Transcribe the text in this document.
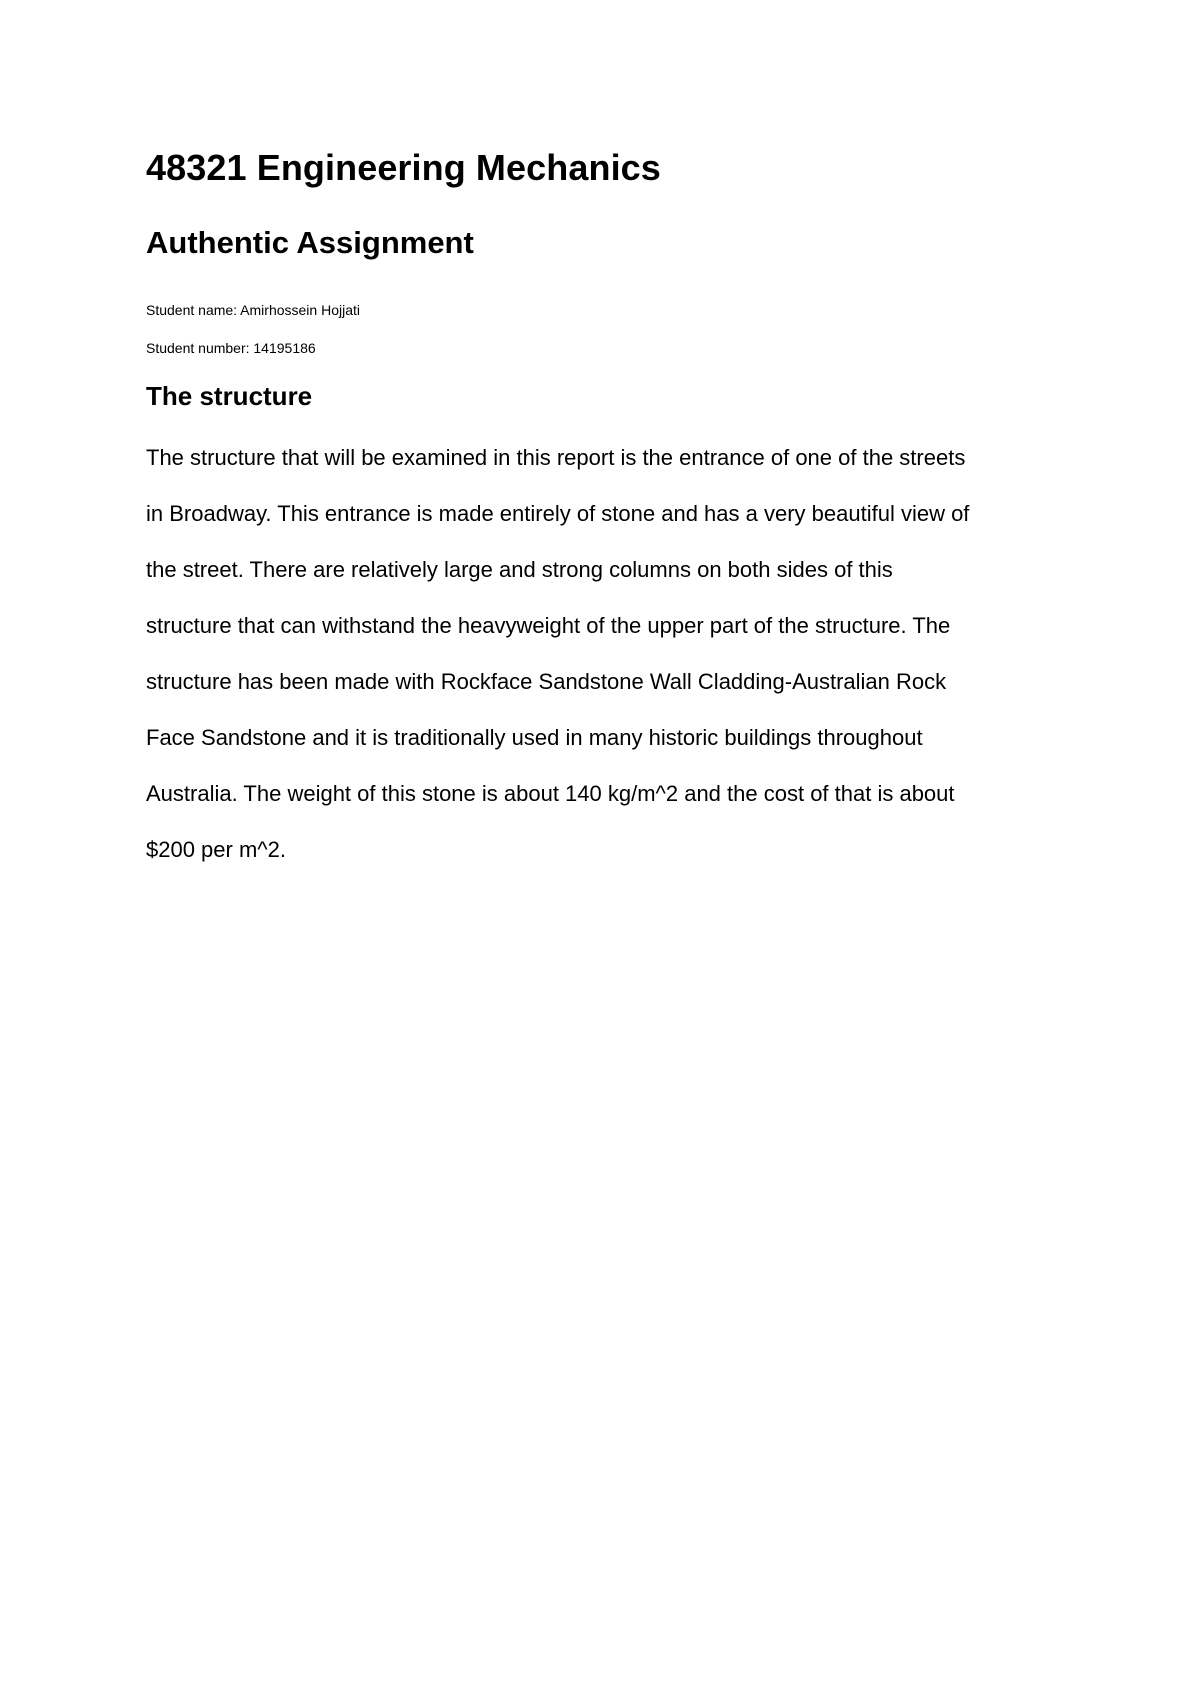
48321 Engineering Mechanics
Authentic Assignment

Student name: Amirhossein Hojjati

Student number: 14195186

The structure

The structure that will be examined in this report is the entrance of one of the streets
in Broadway. This entrance is made entirely of stone and has a very beautiful view of
the street. There are relatively large and strong columns on both sides of this
structure that can withstand the heavyweight of the upper part of the structure. The
structure has been made with Rockface Sandstone Wall Cladding-Australian Rock
Face Sandstone and it is traditionally used in many historic buildings throughout
Australia. The weight of this stone is about 140 kg/m^2 and the cost of that is about
$200 per m^2.
